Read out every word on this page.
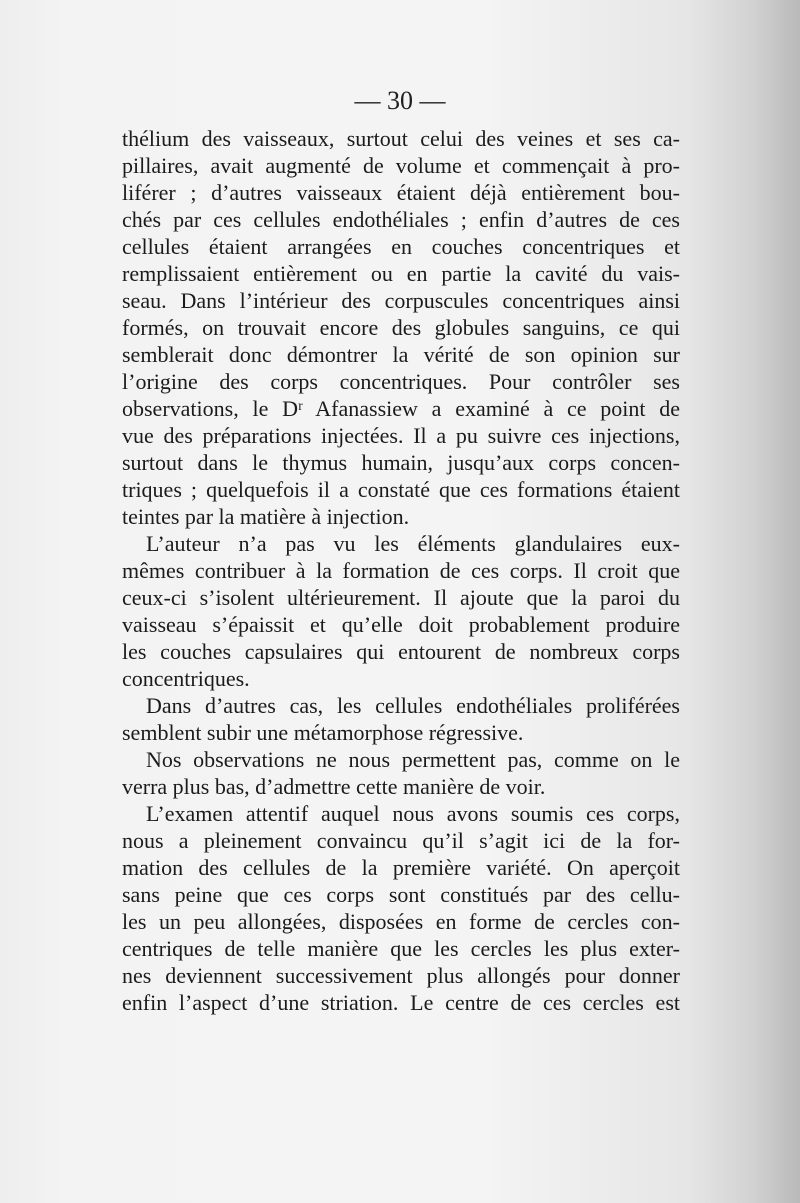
— 30 —
thélium des vaisseaux, surtout celui des veines et ses ca-
pillaires, avait augmenté de volume et commençait à pro-
liférer ; d’autres vaisseaux étaient déjà entièrement bou-
chés par ces cellules endothéliales ; enfin d’autres de ces
cellules étaient arrangées en couches concentriques et
remplissaient entièrement ou en partie la cavité du vais-
seau. Dans l’intérieur des corpuscules concentriques ainsi
formés, on trouvait encore des globules sanguins, ce qui
semblerait donc démontrer la vérité de son opinion sur
l’origine des corps concentriques. Pour contrôler ses
observations, le Dʳ Afanassiew a examiné à ce point de
vue des préparations injectées. Il a pu suivre ces injections,
surtout dans le thymus humain, jusqu’aux corps concen-
triques ; quelquefois il a constaté que ces formations étaient
teintes par la matière à injection.
L’auteur n’a pas vu les éléments glandulaires eux-
mêmes contribuer à la formation de ces corps. Il croit que
ceux-ci s’isolent ultérieurement. Il ajoute que la paroi du
vaisseau s’épaissit et qu’elle doit probablement produire
les couches capsulaires qui entourent de nombreux corps
concentriques.
Dans d’autres cas, les cellules endothéliales proliférées
semblent subir une métamorphose régressive.
Nos observations ne nous permettent pas, comme on le
verra plus bas, d’admettre cette manière de voir.
L’examen attentif auquel nous avons soumis ces corps,
nous a pleinement convaincu qu’il s’agit ici de la for-
mation des cellules de la première variété. On aperçoit
sans peine que ces corps sont constitués par des cellu-
les un peu allongées, disposées en forme de cercles con-
centriques de telle manière que les cercles les plus exter-
nes deviennent successivement plus allongés pour donner
enfin l’aspect d’une striation. Le centre de ces cercles est
